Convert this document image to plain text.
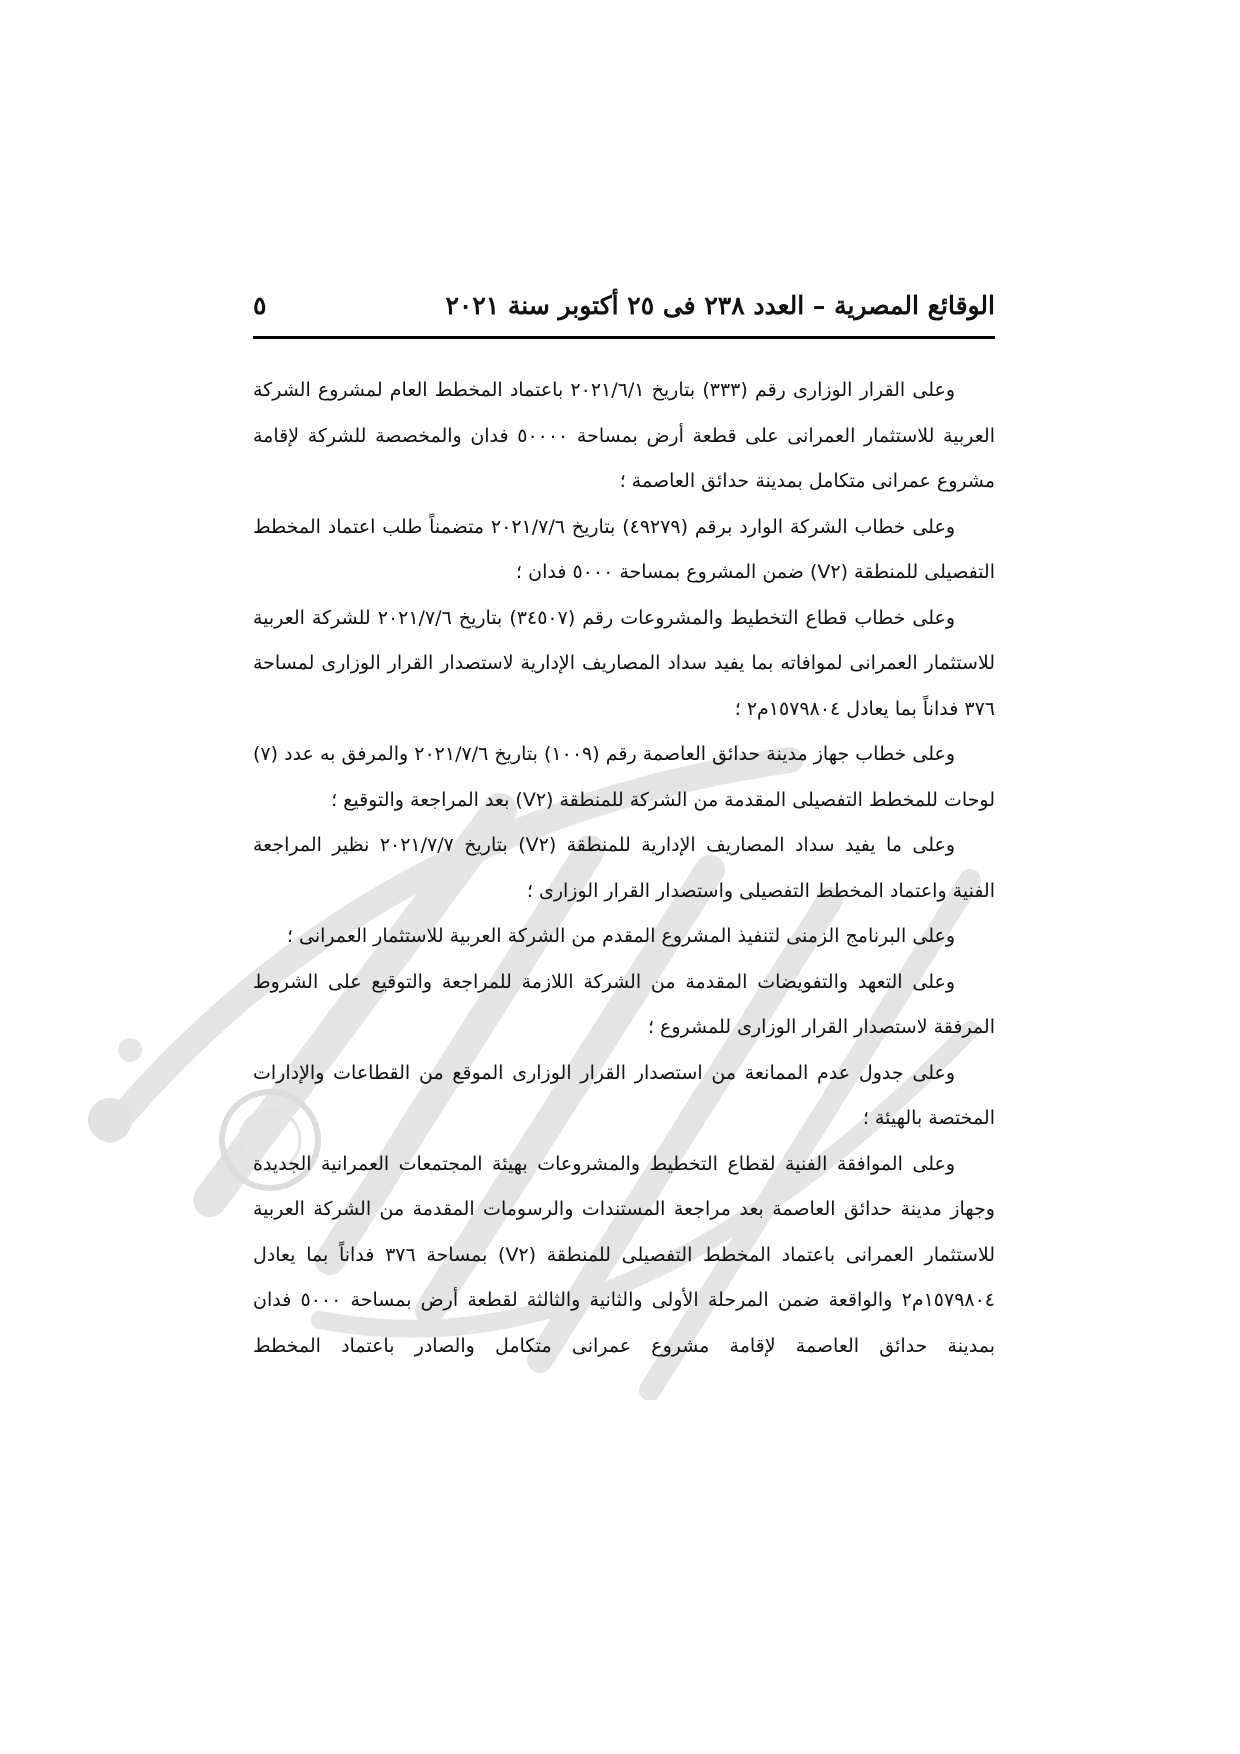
الوقائع المصرية – العدد ٢٣٨ فى ٢٥ أكتوبر سنة ٢٠٢١
٥

وعلى القرار الوزارى رقم (٣٣٣) بتاريخ ٢٠٢١/٦/١ باعتماد المخطط العام لمشروع الشركة العربية للاستثمار العمرانى على قطعة أرض بمساحة ٥٠٠٠٠ فدان والمخصصة للشركة لإقامة مشروع عمرانى متكامل بمدينة حدائق العاصمة ؛

وعلى خطاب الشركة الوارد برقم (٤٩٢٧٩) بتاريخ ٢٠٢١/٧/٦ متضمناً طلب اعتماد المخطط التفصيلى للمنطقة (V٢) ضمن المشروع بمساحة ٥٠٠٠ فدان ؛

وعلى خطاب قطاع التخطيط والمشروعات رقم (٣٤٥٠٧) بتاريخ ٢٠٢١/٧/٦ للشركة العربية للاستثمار العمرانى لموافاته بما يفيد سداد المصاريف الإدارية لاستصدار القرار الوزارى لمساحة ٣٧٦ فداناً بما يعادل ١٥٧٩٨٠٤م٢ ؛

وعلى خطاب جهاز مدينة حدائق العاصمة رقم (١٠٠٩) بتاريخ ٢٠٢١/٧/٦ والمرفق به عدد (٧) لوحات للمخطط التفصيلى المقدمة من الشركة للمنطقة (V٢) بعد المراجعة والتوقيع ؛

وعلى ما يفيد سداد المصاريف الإدارية للمنطقة (V٢) بتاريخ ٢٠٢١/٧/٧ نظير المراجعة الفنية واعتماد المخطط التفصيلى واستصدار القرار الوزارى ؛

وعلى البرنامج الزمنى لتنفيذ المشروع المقدم من الشركة العربية للاستثمار العمرانى ؛

وعلى التعهد والتفويضات المقدمة من الشركة اللازمة للمراجعة والتوقيع على الشروط المرفقة لاستصدار القرار الوزارى للمشروع ؛

وعلى جدول عدم الممانعة من استصدار القرار الوزارى الموقع من القطاعات والإدارات المختصة بالهيئة ؛

وعلى الموافقة الفنية لقطاع التخطيط والمشروعات بهيئة المجتمعات العمرانية الجديدة وجهاز مدينة حدائق العاصمة بعد مراجعة المستندات والرسومات المقدمة من الشركة العربية للاستثمار العمرانى باعتماد المخطط التفصيلى للمنطقة (V٢) بمساحة ٣٧٦ فداناً بما يعادل ١٥٧٩٨٠٤م٢ والواقعة ضمن المرحلة الأولى والثانية والثالثة لقطعة أرض بمساحة ٥٠٠٠ فدان بمدينة حدائق العاصمة لإقامة مشروع عمرانى متكامل والصادر باعتماد المخطط
